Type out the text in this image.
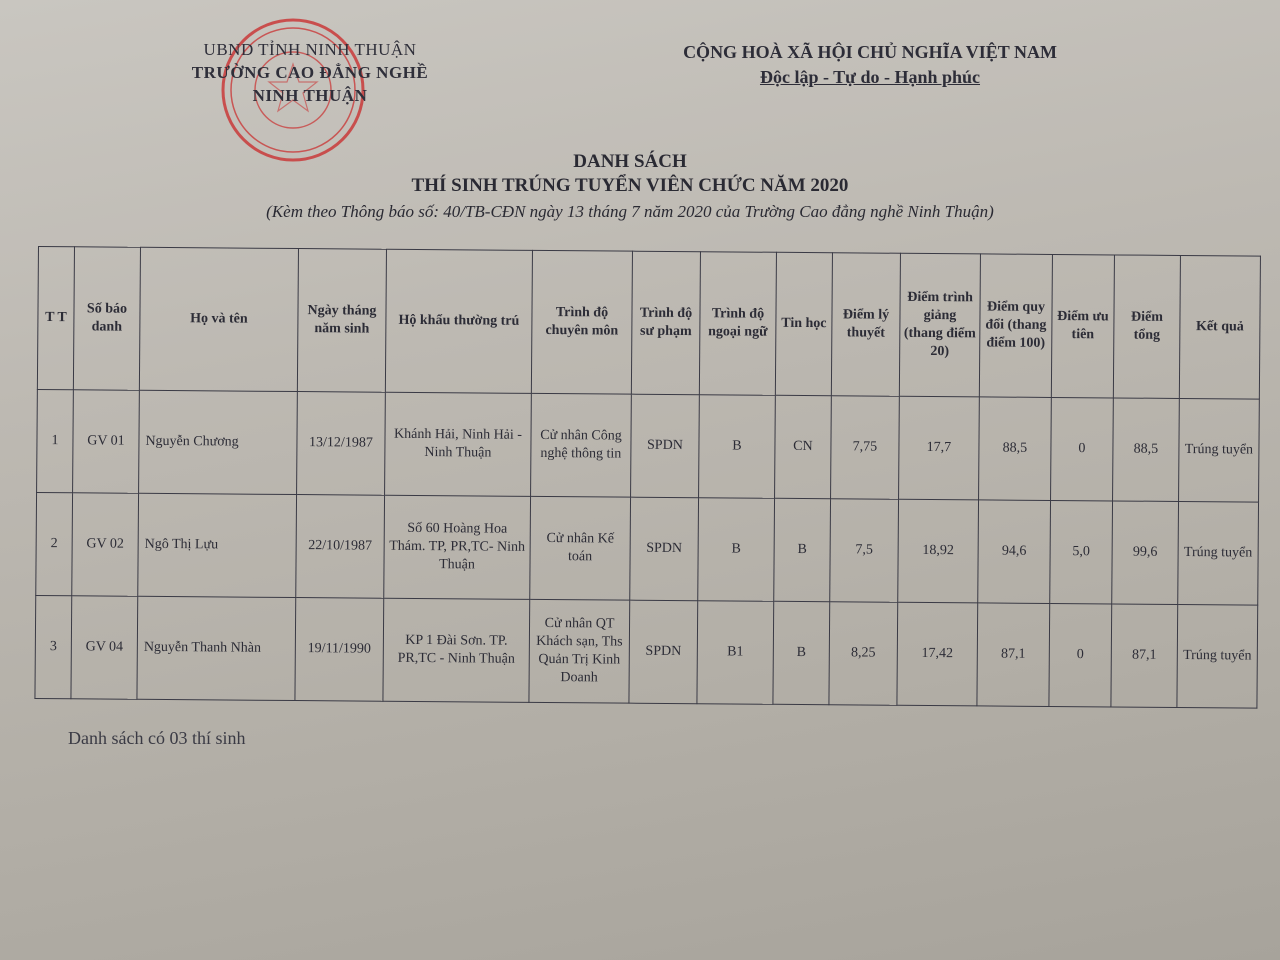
UBND TỈNH NINH THUẬN
TRƯỜNG CAO ĐẲNG NGHỀ
NINH THUẬN
CỘNG HOÀ XÃ HỘI CHỦ NGHĨA VIỆT NAM
Độc lập - Tự do - Hạnh phúc
DANH SÁCH
THÍ SINH TRÚNG TUYỂN VIÊN CHỨC NĂM 2020
(Kèm theo Thông báo số: 40/TB-CĐN ngày 13 tháng 7 năm 2020 của Trường Cao đẳng nghề Ninh Thuận)
T T	Số báo danh	Họ và tên	Ngày tháng năm sinh	Hộ khẩu thường trú	Trình độ chuyên môn	Trình độ sư phạm	Trình độ ngoại ngữ	Tin học	Điểm lý thuyết	Điểm trình giảng (thang điểm 20)	Điểm quy đổi (thang điểm 100)	Điểm ưu tiên	Điểm tổng	Kết quả
1	GV 01	Nguyễn Chương	13/12/1987	Khánh Hải, Ninh Hải - Ninh Thuận	Cử nhân Công nghệ thông tin	SPDN	B	CN	7,75	17,7	88,5	0	88,5	Trúng tuyển
2	GV 02	Ngô Thị Lựu	22/10/1987	Số 60 Hoàng Hoa Thám. TP, PR,TC- Ninh Thuận	Cử nhân Kế toán	SPDN	B	B	7,5	18,92	94,6	5,0	99,6	Trúng tuyển
3	GV 04	Nguyễn Thanh Nhàn	19/11/1990	KP 1 Đài Sơn. TP. PR,TC - Ninh Thuận	Cử nhân QT Khách sạn, Ths Quản Trị Kinh Doanh	SPDN	B1	B	8,25	17,42	87,1	0	87,1	Trúng tuyển
Danh sách có 03 thí sinh
